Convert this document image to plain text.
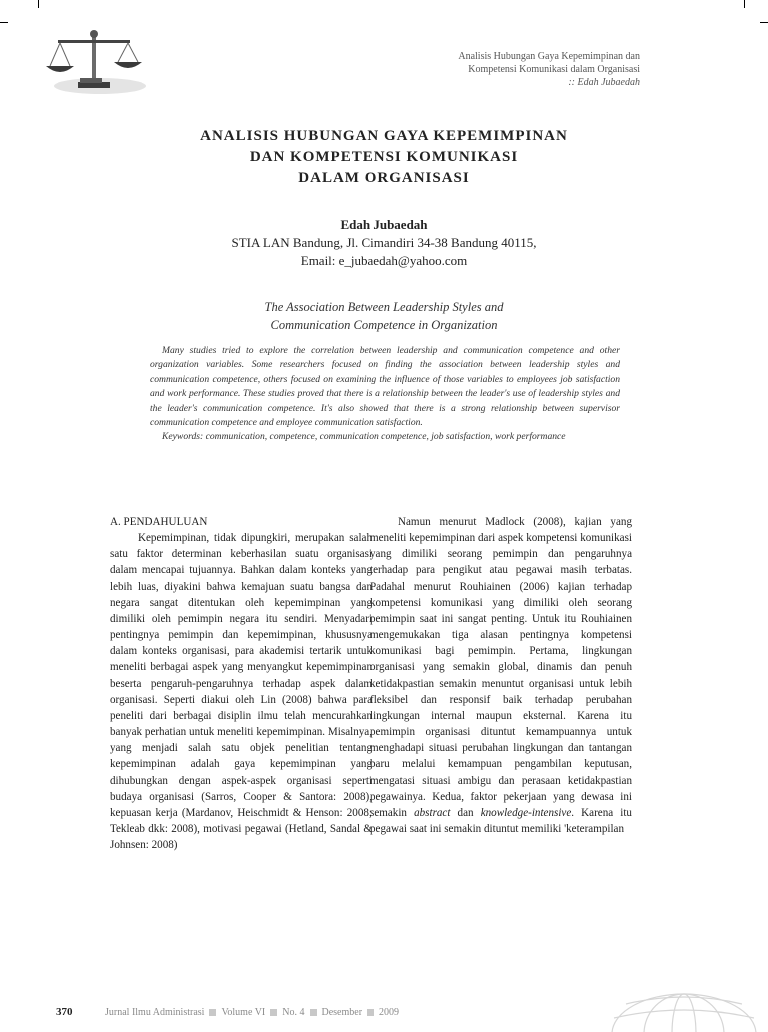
Analisis Hubungan Gaya Kepemimpinan dan
Kompetensi Komunikasi dalam Organisasi
:: Edah Jubaedah
ANALISIS HUBUNGAN GAYA KEPEMIMPINAN
DAN KOMPETENSI KOMUNIKASI
DALAM ORGANISASI
Edah Jubaedah
STIA LAN Bandung, Jl. Cimandiri 34-38 Bandung 40115,
Email: e_jubaedah@yahoo.com
The Association Between Leadership Styles and
Communication Competence in Organization

Many studies tried to explore the correlation between leadership and communication competence and other organization variables. Some researchers focused on finding the association between leadership styles and communication competence, others focused on examining the influence of those variables to employees job satisfaction and work performance. These studies proved that there is a relationship between the leader's use of leadership styles and the leader's communication competence. It's also showed that there is a strong relationship between supervisor communication competence and employee communication satisfaction.

Keywords: communication, competence, communication competence, job satisfaction, work performance

A. PENDAHULUAN

Kepemimpinan, tidak dipungkiri, merupakan salah satu faktor determinan keberhasilan suatu organisasi dalam mencapai tujuannya. Bahkan dalam konteks yang lebih luas, diyakini bahwa kemajuan suatu bangsa dan negara sangat ditentukan oleh kepemimpinan yang dimiliki oleh pemimpin negara itu sendiri. Menyadari pentingnya pemimpin dan kepemimpinan, khususnya dalam konteks organisasi, para akademisi tertarik untuk meneliti berbagai aspek yang menyangkut kepemimpinan beserta pengaruh-pengaruhnya terhadap aspek dalam organisasi. Seperti diakui oleh Lin (2008) bahwa para peneliti dari berbagai disiplin ilmu telah mencurahkan banyak perhatian untuk meneliti kepemimpinan. Misalnya, yang menjadi salah satu objek penelitian tentang kepemimpinan adalah gaya kepemimpinan yang dihubungkan dengan aspek-aspek organisasi seperti budaya organisasi (Sarros, Cooper & Santora: 2008), kepuasan kerja (Mardanov, Heischmidt & Henson: 2008; Tekleab dkk: 2008), motivasi pegawai (Hetland, Sandal & Johnsen: 2008)

Namun menurut Madlock (2008), kajian yang meneliti kepemimpinan dari aspek kompetensi komunikasi yang dimiliki seorang pemimpin dan pengaruhnya terhadap para pengikut atau pegawai masih terbatas. Padahal menurut Rouhiainen (2006) kajian terhadap kompetensi komunikasi yang dimiliki oleh seorang pemimpin saat ini sangat penting. Untuk itu Rouhiainen mengemukakan tiga alasan pentingnya kompetensi komunikasi bagi pemimpin. Pertama, lingkungan organisasi yang semakin global, dinamis dan penuh ketidakpastian semakin menuntut organisasi untuk lebih fleksibel dan responsif baik terhadap perubahan lingkungan internal maupun eksternal. Karena itu pemimpin organisasi dituntut kemampuannya untuk menghadapi situasi perubahan lingkungan dan tantangan baru melalui kemampuan pengambilan keputusan, mengatasi situasi ambigu dan perasaan ketidakpastian pegawainya. Kedua, faktor pekerjaan yang dewasa ini semakin abstract dan knowledge-intensive. Karena itu pegawai saat ini semakin dituntut memiliki 'keterampilan

370	Jurnal Ilmu Administrasi Volume VI No. 4 Desember 2009
